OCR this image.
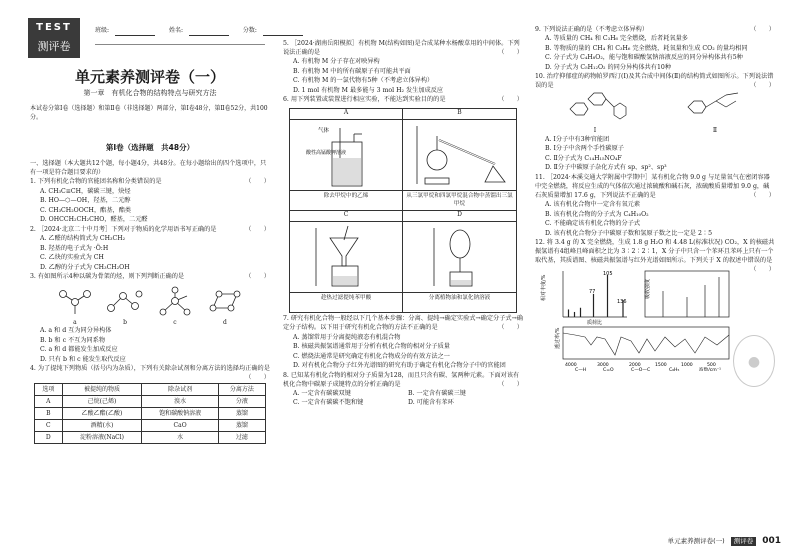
TEST
测评卷
班级:	姓名:	分数:
单元素养测评卷（一）
第一章　有机化合物的结构特点与研究方法
本试卷分第Ⅰ卷（选择题）和第Ⅱ卷（非选择题）两部分，第Ⅰ卷48分，第Ⅱ卷52分，共100分。
第Ⅰ卷（选择题　共48分）

一、选择题（本大题共12个题，每小题4分，共48分。在每小题给出的四个选项中，只有一项是符合题目要求的）

1. 下列有机化合物的官能团名称和分类错误的是	（　　）

A. CH₃C≡CH，碳碳三键，炔烃

B. HO—⬡—OH，羟基，二元醇

C. CH₃CH₂OOCH，酯基，酯类

D. OHCCH₂CH₂CHO，醛基，二元醛

2. ［2024·北京二十中月考］下列对于物质的化学用语书写正确的是	（　　）

A. 乙醛的结构简式为 CH₃CH₂

B. 羟基的电子式为 ·Ö:H

C. 乙炔的实验式为 CH

D. 乙醇的分子式为 CH₃CH₂OH

3. 有如图所示4种以碳为骨架的烃，则下列判断正确的是	（　　）

a	b	c	d

A. a 和 d 互为同分异构体

B. b 和 c 不互为同系物

C. a 和 d 都能发生加成反应

D. 只有 b 和 c 能发生取代反应

4. 为了提纯下列物质（括号内为杂质），下列有关除杂试剂和分离方法的选择均正确的是
（　　）

选项	被提纯的物质	除杂试剂	分离方法
A	己烷(己烯)	溴水	分液
B	乙酸乙酯(乙酸)	饱和碳酸钠溶液	蒸馏
C	酒精(水)	CaO	蒸馏
D	淀粉溶液(NaCl)	水	过滤

5. ［2024·湖南岳阳模拟］有机物 M(结构如图)是合成某种水杨酸草用的中间体。下列说法正确的是	（　　）

A. 有机物 M 分子存在对映异构

B. 有机物 M 中的所有碳原子有可能共平面

C. 有机物 M 的一氯代物有5种（不考虑立体异构）

D. 1 mol 有机物 M 最多能与 3 mol H₂ 发生加成反应

6. 用下列装置或装置进行相应实验，不能达到实验目的的是	（　　）

A
气体
酸性高锰酸钾溶液
除去甲烷中的乙烯
B
从三氯甲烷和四氯甲烷混合物中蒸馏出三氯甲烷
C
趁热过滤提纯苯甲酸
D
分离植物油和氯化钠溶液

7. 研究有机化合物一般经以下几个基本步骤：分离、提纯→确定实验式→确定分子式→确定分子结构。以下用于研究有机化合物的方法不正确的是	（　　）

A. 蒸馏常用于分离提纯液态有机混合物

B. 核磁共振氢谱通常用于分析有机化合物的相对分子质量

C. 燃烧法通常是研究确定有机化合物成分的有效方法之一

D. 对有机化合物分子红外光谱图的研究有助于确定有机化合物分子中的官能团

8. 已知某有机化合物的相对分子质量为128，而且只含有碳、氢两种元素。下面对该有机化合物中碳原子成键特点的分析正确的是	（　　）

A. 一定含有碳碳双键	B. 一定含有碳碳三键
C. 一定含有碳碳不饱和键	D. 可能含有苯环

9. 下列说法正确的是（不考虑立体异构）	（　　）

A. 等质量的 CH₄ 和 C₃H₆ 完全燃烧，后者耗氧量多

B. 等物质的量的 CH₄ 和 C₃H₆ 完全燃烧，耗氧量和生成 CO₂ 的量均相同

C. 分子式为 C₄H₈O₂，能与饱和碳酸氢钠溶液反应的同分异构体共有5种

D. 分子式为 C₅H₁₂O₂ 的同分异构体共有10种

10. 治疗抑郁症的药物帕罗西汀(Ⅰ)及其合成中间体(Ⅱ)的结构简式如图所示。下列说法错误的是	（　　）

Ⅰ	Ⅱ

A. Ⅰ分子中有3种官能团

B. Ⅰ分子中含两个手性碳原子

C. Ⅱ分子式为 C₁₄H₁₅NO₄F

D. Ⅱ分子中碳原子杂化方式有 sp、sp²、sp³

11. ［2024·本溪交通大学附属中学期中］某有机化合物 9.0 g 与足量氧气在密闭容器中完全燃烧，将反应生成的气体依次通过浓硫酸和碱石灰，浓硫酸质量增加 9.0 g，碱石灰质量增加 17.6 g，下列说法不正确的是	（　　）

A. 该有机化合物中一定含有氧元素

B. 该有机化合物的分子式为 C₄H₁₀O₂

C. 不能确定该有机化合物的分子式

D. 该有机化合物分子中碳原子数和氢原子数之比一定是 2∶5

12. 将 3.4 g 的 X 完全燃烧，生成 1.8 g H₂O 和 4.48 L(标准状况) CO₂，X 的核磁共振氢谱有4组峰且峰面积之比为 3∶2∶2∶1，X 分子中只含一个苯环且苯环上只有一个取代基，其质谱图、核磁共振氢谱与红外光谱如图所示。下列关于 X 的叙述中错误的是
（　　）

相对丰度/%
质荷比
105
77
136
吸收强度
透过率/%
4000	3000	2000	1500	1000	500
波数/cm⁻¹
C—H	C=O	C—O—C	C₆H₅
●
单元素养测评卷(一)	测评卷	001
